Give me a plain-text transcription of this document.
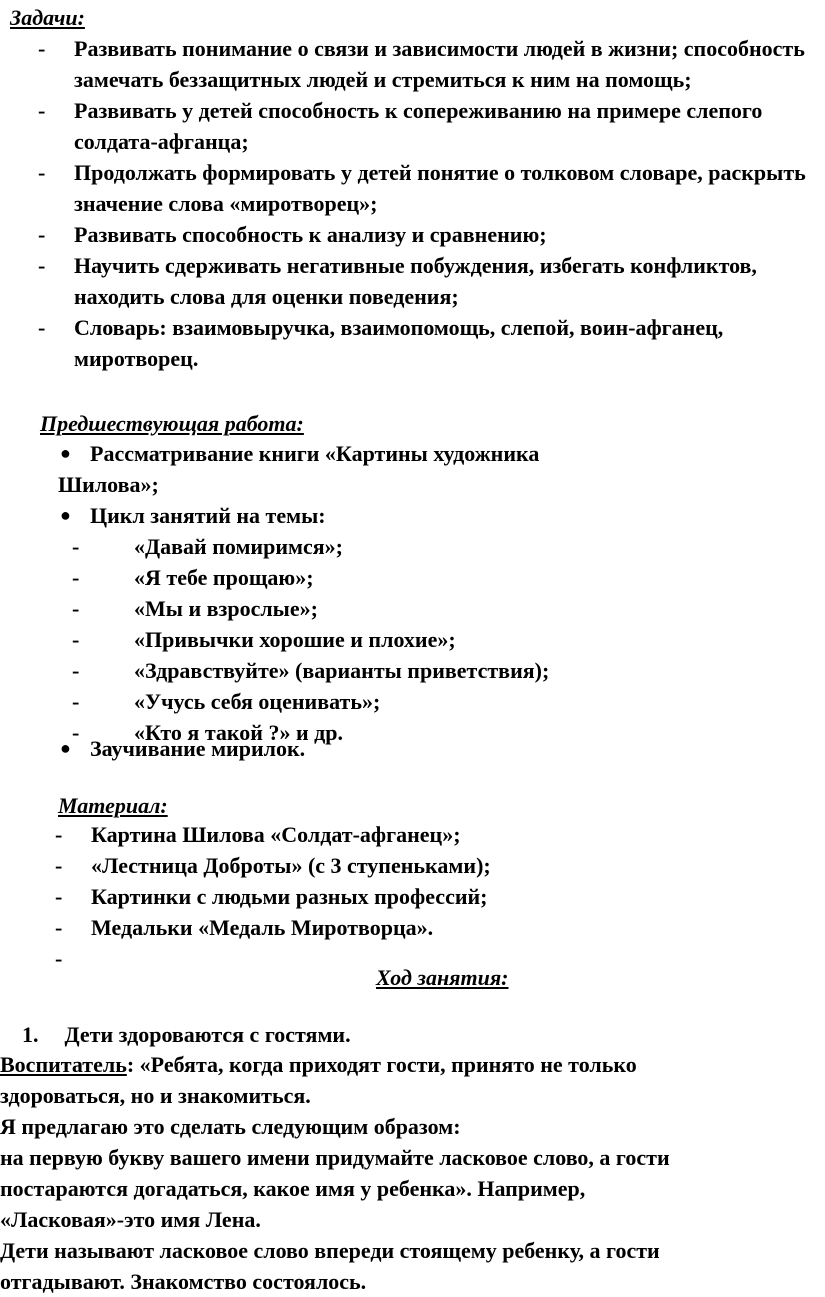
Задачи:
- Развивать понимание о связи и зависимости людей в жизни; способность замечать беззащитных людей и стремиться к ним на помощь;
- Развивать у детей способность к сопереживанию на примере слепого солдата-афганца;
- Продолжать формировать у детей понятие о толковом словаре, раскрыть значение слова «миротворец»;
- Развивать способность к анализу и сравнению;
- Научить сдерживать негативные побуждения, избегать конфликтов, находить слова для оценки поведения;
- Словарь: взаимовыручка, взаимопомощь, слепой, воин-афганец, миротворец.
Предшествующая работа:
● Рассматривание книги «Картины художника
Шилова»;
● Цикл занятий на темы:
- «Давай помиримся»;
- «Я тебе прощаю»;
- «Мы и взрослые»;
- «Привычки хорошие и плохие»;
- «Здравствуйте» (варианты приветствия);
- «Учусь себя оценивать»;
- «Кто я такой ?» и др.
● Заучивание мирилок.
Материал:
- Картина Шилова «Солдат-афганец»;
- «Лестница Доброты» (с 3 ступеньками);
- Картинки с людьми разных профессий;
- Медальки «Медаль Миротворца».
-
Ход занятия:
1. Дети здороваются с гостями.
Воспитатель: «Ребята, когда приходят гости, принято не только
здороваться, но и знакомиться.
Я предлагаю это сделать следующим образом:
на первую букву вашего имени придумайте ласковое слово, а гости
постараются догадаться, какое имя у ребенка». Например,
«Ласковая»-это имя Лена.
Дети называют ласковое слово впереди стоящему ребенку, а гости
отгадывают. Знакомство состоялось.
